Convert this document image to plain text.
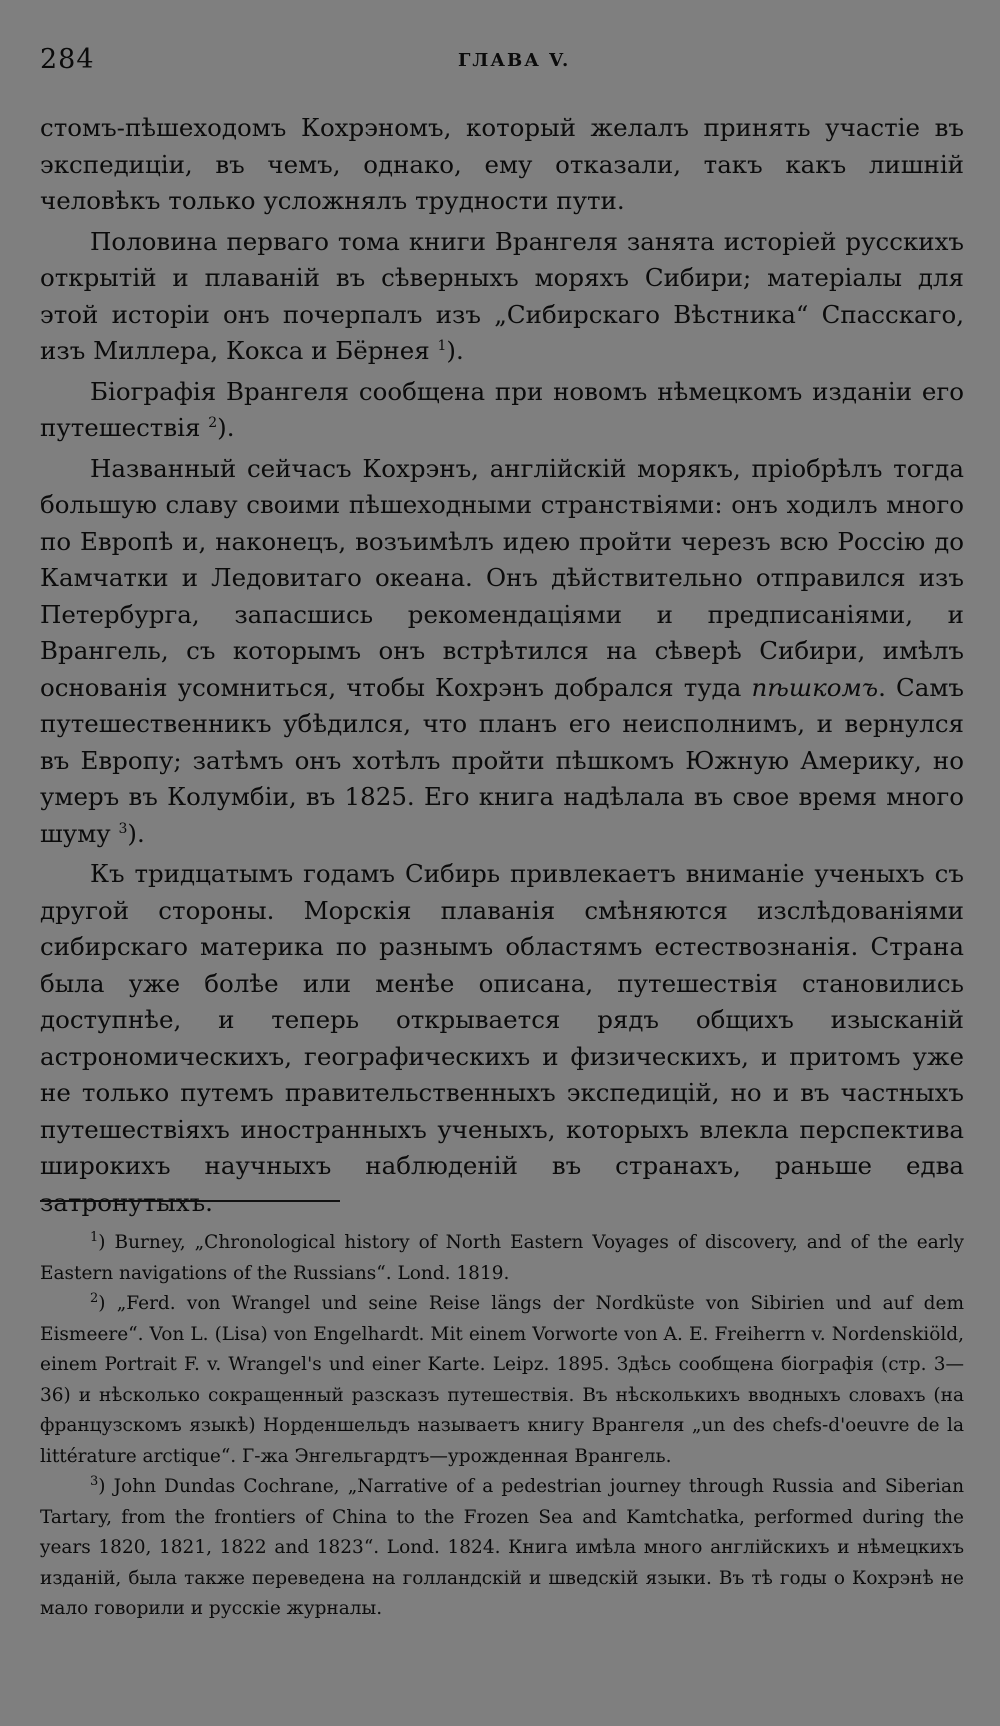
284	ГЛАВА V.

стомъ-пѣшеходомъ Кохрэномъ, который желалъ принять участіе въ экспедиціи, въ чемъ, однако, ему отказали, такъ какъ лишній человѣкъ только усложнялъ трудности пути.

Половина перваго тома книги Врангеля занята исторіей русскихъ открытій и плаваній въ сѣверныхъ моряхъ Сибири; матеріалы для этой исторіи онъ почерпалъ изъ „Сибирскаго Вѣстника“ Спасскаго, изъ Миллера, Кокса и Бёрнея $^1$).

Біографія Врангеля сообщена при новомъ нѣмецкомъ изданіи его путешествія $^2$).

Названный сейчасъ Кохрэнъ, англійскій морякъ, пріобрѣлъ тогда большую славу своими пѣшеходными странствіями: онъ ходилъ много по Европѣ и, наконецъ, возъимѣлъ идею пройти черезъ всю Россію до Камчатки и Ледовитаго океана. Онъ дѣйствительно отправился изъ Петербурга, запасшись рекомендаціями и предписаніями, и Врангель, съ которымъ онъ встрѣтился на сѣверѣ Сибири, имѣлъ основанія усомниться, чтобы Кохрэнъ добрался туда пѣшкомъ. Самъ путешественникъ убѣдился, что планъ его неисполнимъ, и вернулся въ Европу; затѣмъ онъ хотѣлъ пройти пѣшкомъ Южную Америку, но умеръ въ Колумбіи, въ 1825. Его книга надѣлала въ свое время много шуму $^3$).

Къ тридцатымъ годамъ Сибирь привлекаетъ вниманіе ученыхъ съ другой стороны. Морскія плаванія смѣняются изслѣдованіями сибирскаго материка по разнымъ областямъ естествознанія. Страна была уже болѣе или менѣе описана, путешествія становились доступнѣе, и теперь открывается рядъ общихъ изысканій астрономическихъ, географическихъ и физическихъ, и притомъ уже не только путемъ правительственныхъ экспедицій, но и въ частныхъ путешествіяхъ иностранныхъ ученыхъ, которыхъ влекла перспектива широкихъ научныхъ наблюденій въ странахъ, раньше едва затронутыхъ.

$^1$) Burney, „Chronological history of North Eastern Voyages of discovery, and of the early Eastern navigations of the Russians“. Lond. 1819.

$^2$) „Ferd. von Wrangel und seine Reise längs der Nordküste von Sibirien und auf dem Eismeere“. Von L. (Lisa) von Engelhardt. Mit einem Vorworte von A. E. Freiherrn v. Nordenskiöld, einem Portrait F. v. Wrangel's und einer Karte. Leipz. 1895. Здѣсь сообщена біографія (стр. 3—36) и нѣсколько сокращенный разсказъ путешествія. Въ нѣсколькихъ вводныхъ словахъ (на французскомъ языкѣ) Норденшельдъ называетъ книгу Врангеля „un des chefs-d'oeuvre de la littérature arctique“. Г-жа Энгельгардтъ—урожденная Врангель.

$^3$) John Dundas Cochrane, „Narrative of a pedestrian journey through Russia and Siberian Tartary, from the frontiers of China to the Frozen Sea and Kamtchatka, performed during the years 1820, 1821, 1822 and 1823“. Lond. 1824. Книга имѣла много англійскихъ и нѣмецкихъ изданій, была также переведена на голландскій и шведскій языки. Въ тѣ годы о Кохрэнѣ не мало говорили и русскіе журналы.
